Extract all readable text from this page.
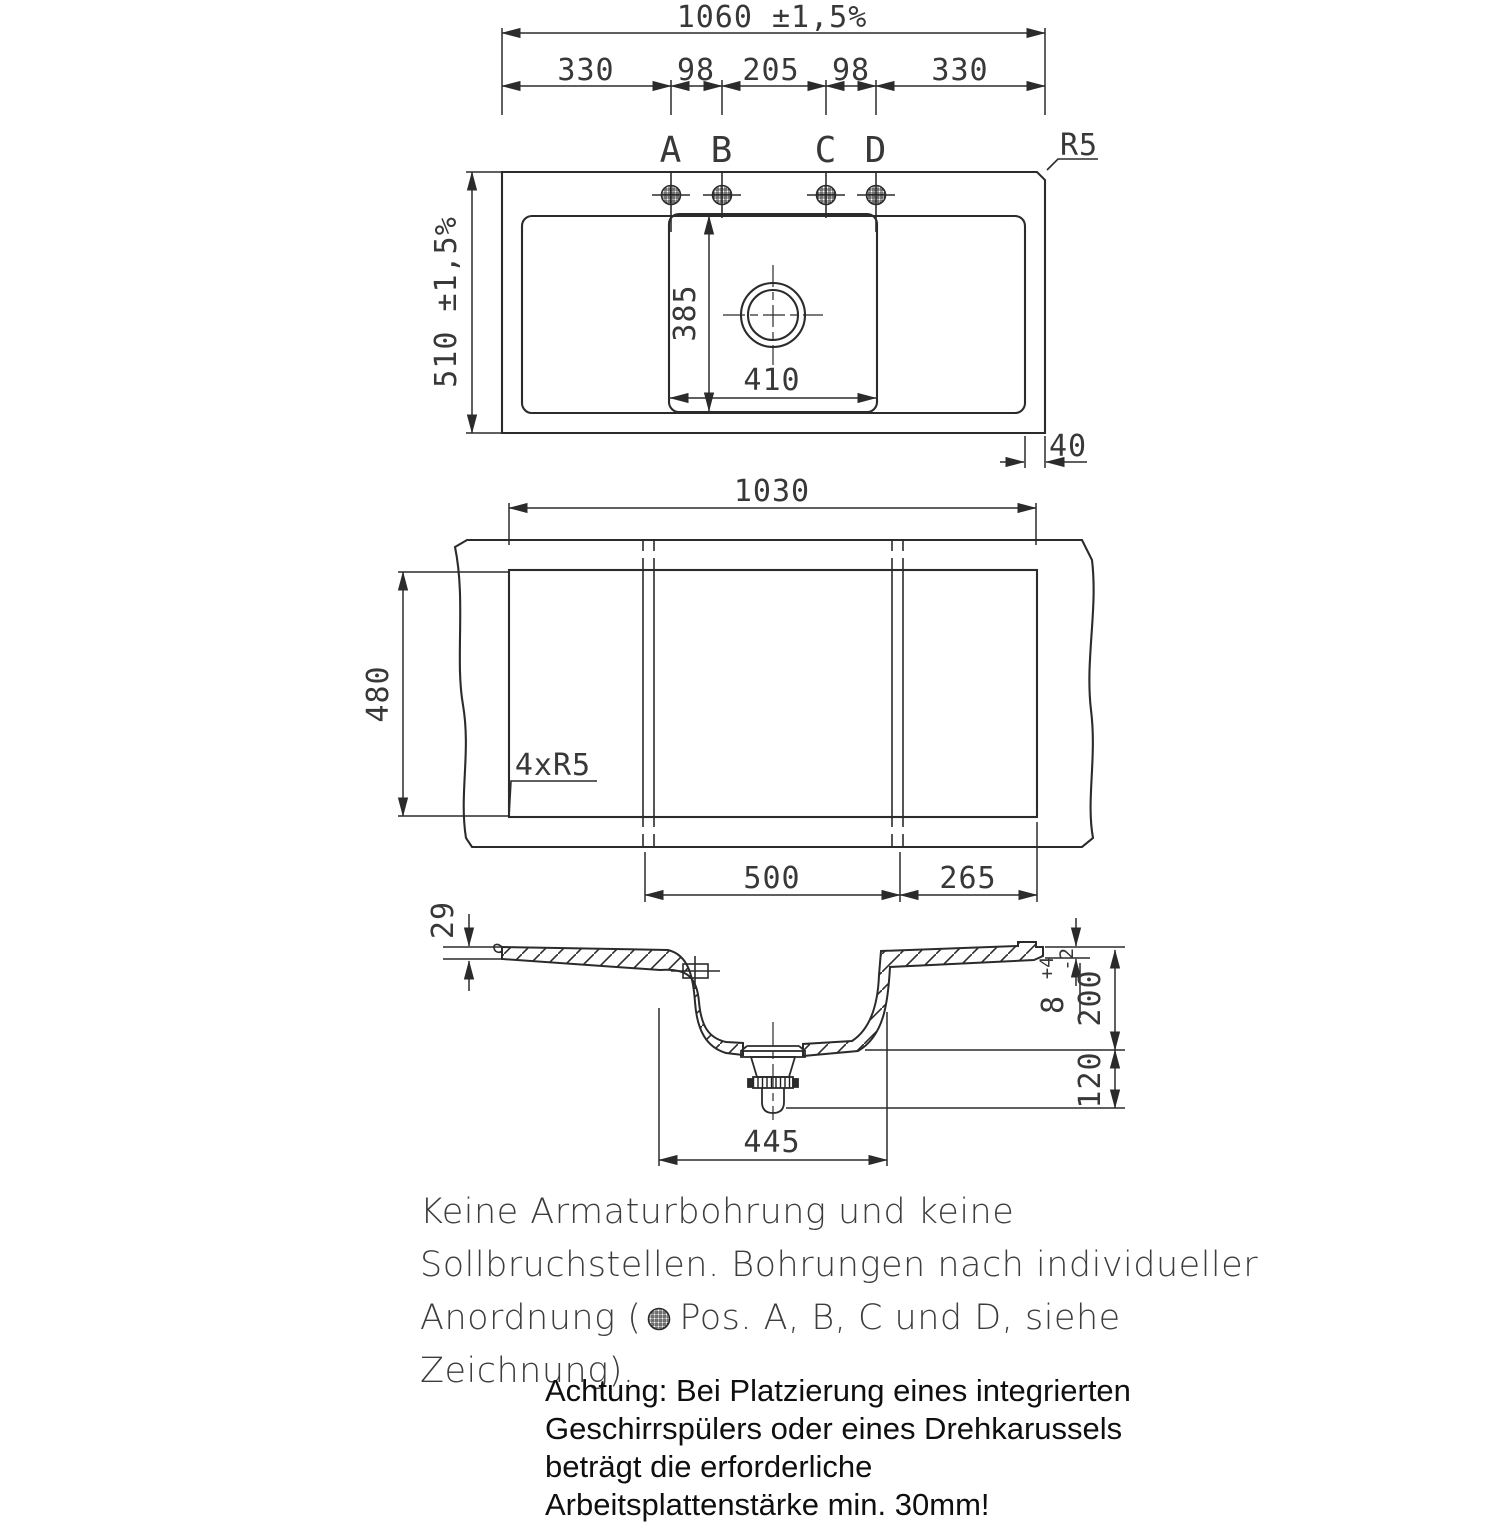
A B C D	R5
1060 ±1,5%
330 98 205 98 330
510 ±1,5%	385
410
40
4xR5
1030
480
500	265
29
8 +4 -2
200
120
445
Keine Armaturbohrung und keine
Sollbruchstellen. Bohrungen nach individueller
Anordnung ( Pos. A, B, C und D, siehe
Zeichnung).
Achtung: Bei Platzierung eines integrierten
Geschirrspülers oder eines Drehkarussels
beträgt die erforderliche
Arbeitsplattenstärke min. 30mm!
